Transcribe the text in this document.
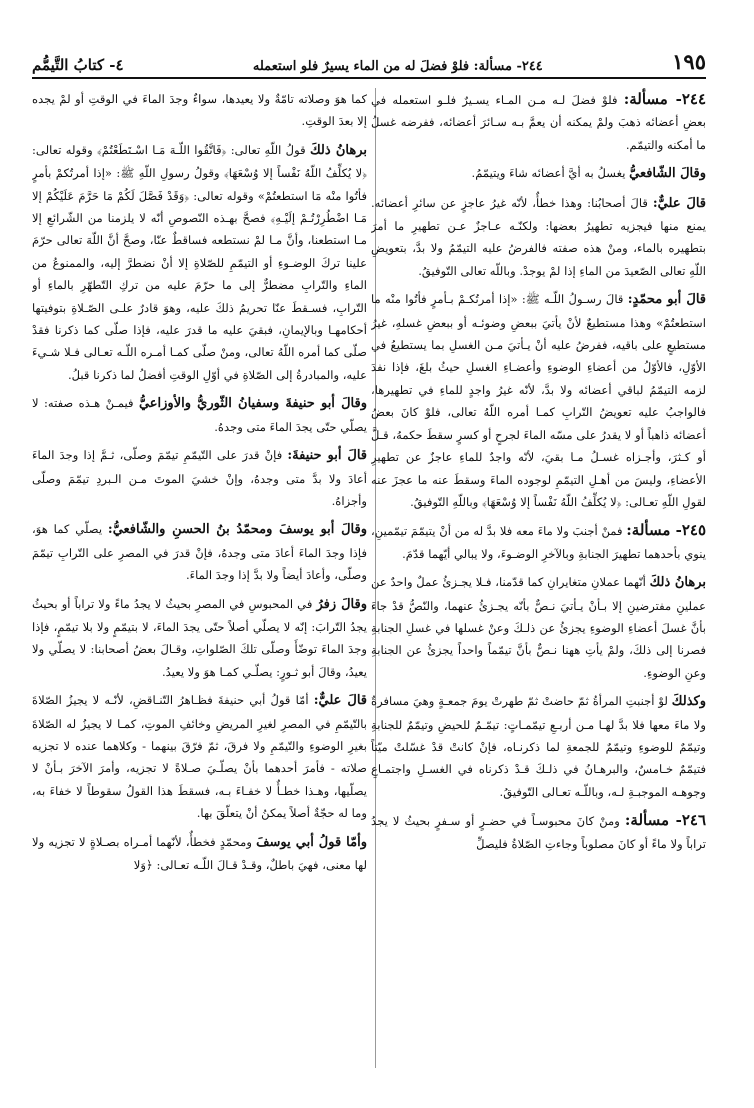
١٩٥
٢٤٤- مسألة: فلوْ فضلَ له من الماء يسيرٌ فلو استعمله
٤- كتابُ التَّيمُّم

٢٤٤- مسألة: فلوْ فضلَ لـه مـن المـاء يسـيرٌ فلـو استعمله في بعضِ أعضائه ذهبَ ولمْ يمكنه أن يعمَّ بـه سـائرَ أعضائه، ففرضه غسلُ ما أمكنه والتيمّم.

وقالَ الشّافعيُّ يغسلُ به أيَّ أعضائه شاءَ ويتيمّمُ.

قالَ عليٌّ: قالَ أصحابُنا: وهذا خطأٌ، لأنّه غيرُ عاجزٍ عن سائرِ أعضائه. يمنع منها فيجزيه تطهيرُ بعضها: ولكنّـه عـاجزٌ عـن تطهيرِ ما أمرَ بتطهيره بالماء، ومنْ هذه صفته فالفرضُ عليه التيمّمُ ولا بدَّ، بتعويضِ اللّهِ تعالى الصّعيدَ من الماءِ إذا لمْ يوجدْ. وباللّه تعالى التّوفيقُ.

قالَ أبو محمّدٍ: قالَ رسـولُ اللّـه ﷺ: «إذا أمرتُكـمْ بـأمرٍ فأتُوا منْه ما استطعتُمْ» وهذا مستطيعٌ لأنْ يأتيَ ببعضِ وضوئـه أو ببعضِ غسلهِ، غيرُ مستطيعٍ على باقيه، ففرضُ عليه أنْ يـأتيَ مـن الغسلِ بما يستطيعُ في الأوّلِ، فالأوّلُ من أعضاءِ الوضوءِ وأعضـاءِ الغسلِ حيثُ بلغَ، فإذا نفدَ لزمه التيمّمُ لباقي أعضائه ولا بدَّ، لأنّه غيرُ واجدٍ للماءِ في تطهيرها، فالواجبُ عليه تعويضُ التّرابِ كمـا أمره اللّهُ تعالى، فلوْ كانَ بعضُ أعضائه ذاهباً أو لا يقدرُ على مسّه الماءَ لجرحٍ أو كسرٍ سقطَ حكمهُ، قـلَّ أو كـثرَ، وأجـزاه غسـلُ مـا بقيَ، لأنّه واجدٌ للماءِ عاجزٌ عن تطهيرِ الأعضاءِ، وليسَ من أهـلِ التيمّمِ لوجوده الماءَ وسقطَ عنه ما عجزَ عنه لقولِ اللّهِ تعـالى: ﴿لا يُكلِّفُ اللّهُ نَفْساً إلا وُسْعَهَا﴾ وباللّهِ التّوفيقُ.

٢٤٥- مسألة: فمنْ أجنبَ ولا ماءَ معه فلا بدَّ له من أنْ يتيمّمَ تيمّمينِ، ينوي بأحدهما تطهيرَ الجنابةِ وبالآخرِ الوضـوءَ، ولا يبالي أيّهما قدّمَ.

برهانُ ذلكَ أنّهما عملانِ متغايرانِ كما قدّمنا، فـلا يجـزئُ عملٌ واحدٌ عن عملينِ مفترضينِ إلا بـأنْ يـأتيَ نـصٌّ بأنّه يجـزئُ عنهما، والنّصُّ قدْ جاءَ بأنَّ غسلَ أعضاءِ الوضوءِ يجزئُ عن ذلـكَ وعنْ غسلها في غسلِ الجنابةِ فصرنا إلى ذلكَ، ولمْ يأتِ ههنا نـصٌّ بأنَّ تيمّماً واحداً يجزئُ عن الجنابةِ وعنِ الوضوءِ.

وكذلكَ لوْ أجنبتِ المرأةُ ثمّ حاضتْ ثمّ طهرتْ يومَ جمعـةٍ وهيَ مسافرةٌ ولا ماءَ معها فلا بدَّ لهـا مـن أربـعِ تيمّمـاتٍ: تيمّـمٌ للحيضِ وتيمّمٌ للجنابةِ وتيمّمٌ للوضوءِ وتيمّمٌ للجمعةِ لما ذكرنـاه، فإنْ كانتْ قدْ غسّلتْ ميّتاً فتيمّمٌ خـامسٌ، والبرهـانُ في ذلـكَ قـدْ ذكرناه في الغسـلِ واجتمـاعِ وجوهـه الموجبـةِ لـه، وباللّـه تعـالى التّوفيقُ.

٢٤٦- مسألة: ومنْ كانَ محبوسـاً في حضـرٍ أو سـفرٍ بحيثُ لا يجدُ تراباً ولا ماءً أو كانَ مصلوباً وجاءتِ الصّلاةُ فليصلِّ

كما هوَ وصلاته تامّةٌ ولا يعيدها، سواءٌ وجدَ الماءَ في الوقتِ أو لمْ يجده إلا بعدَ الوقتِ.

برهانُ ذلكَ قولُ اللّهِ تعالى: ﴿فَاتَّقُوا اللّـهَ مَـا اسْـتَطَعْتُمْ﴾ وقوله تعالى: ﴿لا يُكلِّفُ اللّهُ نَفْساً إلا وُسْعَهَا﴾ وقولُ رسولِ اللّهِ ﷺ: «إذا أمرتُكمْ بأمرٍ فأتُوا منْه مَا استطعتُمْ» وقوله تعالى: ﴿وَقَدْ فَصَّلَ لَكُمْ مَا حَرَّمَ عَلَيْكُمْ إلا مَـا اضْطُرِرْتُـمْ إلَيْـهِ﴾ فصحَّ بهـذه النّصوصِ أنّه لا يلزمنا من الشّرائعِ إلا مـا استطعنا، وأنَّ مـا لمْ نستطعه فساقطٌ عنّا، وصحَّ أنَّ اللّهَ تعالى حرّمَ علينا تركَ الوضـوءِ أو التيمّمِ للصّلاةِ إلا أنْ نضطرَّ إليه، والممنوعُ من الماءِ والتّرابِ مضطرٌّ إلى ما حرّمَ عليه من تركِ التّطهّرِ بالماءِ أو التّرابِ، فسـقطَ عنّا تحريمُ ذلكَ عليه، وهوَ قادرٌ علـى الصّـلاةِ بتوفيتها أحكامهـا وبالإيمانِ، فبقيَ عليه ما قدرَ عليه، فإذا صلّى كما ذكرنا فقدْ صلّى كما أمره اللّهُ تعالى، ومنْ صلّى كمـا أمـره اللّـه تعـالى فـلا شـيءَ عليه، والمبادرةُ إلى الصّلاةِ في أوّلِ الوقتِ أفضلُ لما ذكرنا قبلُ.

وقالَ أبو حنيفةَ وسفيانُ الثّوريُّ والأوزاعيُّ فيمـنْ هـذه صفته: لا يصلّي حتّى يجدَ الماءَ متى وجدهُ.

قالَ أبو حنيفةَ: فإنْ قدرَ على التّيمّمِ تيمّمَ وصلّى، ثـمَّ إذا وجدَ الماءَ أعادَ ولا بدَّ متى وجدهُ، وإنْ خشيَ الموتَ مـن الـبردِ تيمّمَ وصلّى وأجزاهُ.

وقالَ أبو يوسفَ ومحمّدُ بنُ الحسنِ والشّافعيُّ: يصلّي كما هوَ، فإذا وجدَ الماءَ أعادَ متى وجدهُ، فإنْ قدرَ في المصرِ على التّرابِ تيمّمَ وصلّى، وأعادَ أيضاً ولا بدَّ إذا وجدَ الماءَ.

وقالَ زفرُ في المحبوسِ في المصرِ بحيثُ لا يجدُ ماءً ولا تراباً أو بحيثُ يجدُ التّرابَ: إنّه لا يصلّي أصلاً حتّى يجدَ الماءَ، لا بتيمّمٍ ولا بلا تيمّمٍ، فإذا وجدَ الماءَ توضّأَ وصلّى تلكَ الصّلواتِ، وقـالَ بعضُ أصحابنا: لا يصلّي ولا يعيدُ، وقالَ أبو ثـورٍ: يصلّـي كمـا هوَ ولا يعيدُ.

قالَ عليٌّ: أمّا قولُ أبي حنيفةَ فظـاهرُ التّنـاقضِ، لأنّـه لا يجيزُ الصّلاةَ بالتّيمّمِ في المصرِ لغيرِ المريضِ وخائفِ الموتِ، كمـا لا يجيزُ له الصّلاةَ بغيرِ الوضوءِ والتّيمّمِ ولا فرقَ، ثمّ فرّقَ بينهما - وكلاهما عنده لا تجزيه صلاته - فأمرَ أحدهما بأنْ يصلّـيَ صـلاةً لا تجزيه، وأمرَ الآخرَ بـأنْ لا يصلّيها، وهـذا خطـأٌ لا خفـاءَ بـه، فسقطَ هذا القولُ سقوطاً لا خفاءَ به، وما له حجّةٌ أصلاً يمكنُ أنْ يتعلّقَ بها.

وأمّا قولُ أبي يوسفَ ومحمّدٍ فخطأٌ، لأنّهما أمـراه بصـلاةٍ لا تجزيه ولا لها معنى، فهيَ باطلٌ، وقـدْ قـالَ اللّـه تعـالى: ﴿وَلا
